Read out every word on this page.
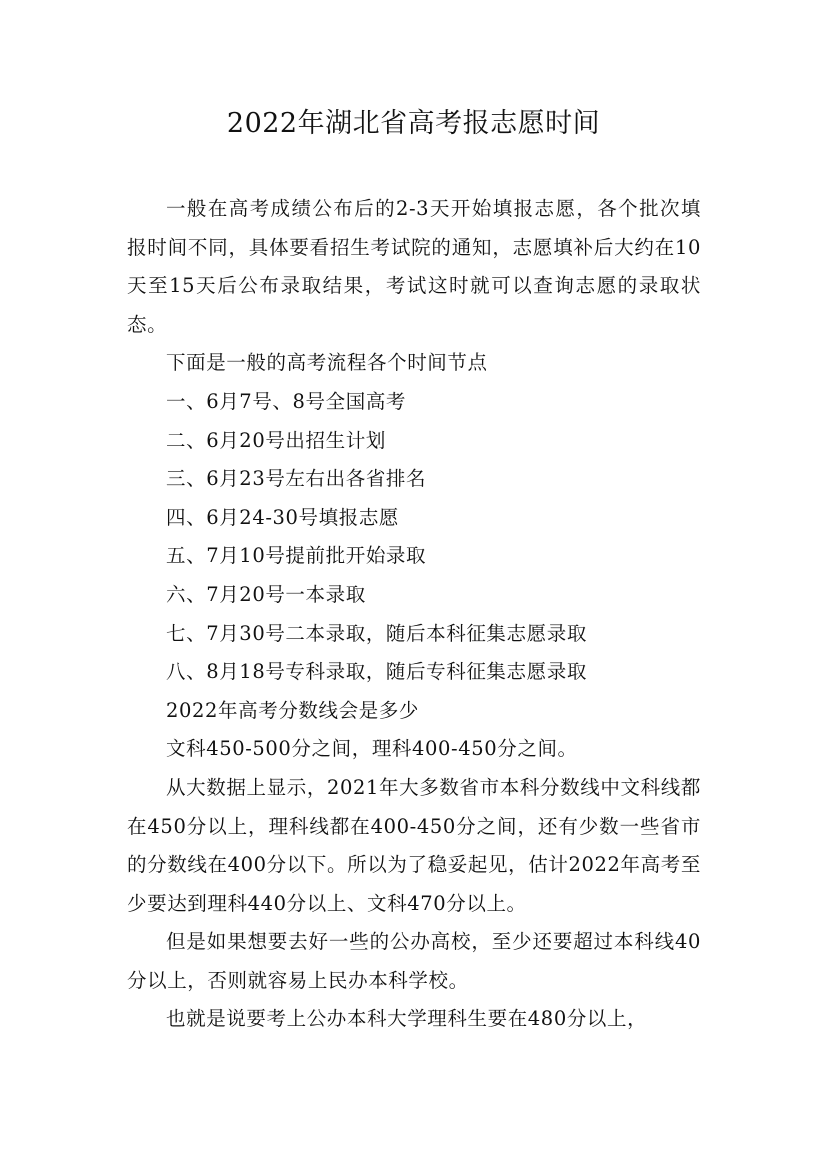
2022年湖北省高考报志愿时间

一般在高考成绩公布后的2-3天开始填报志愿，各个批次填报时间不同，具体要看招生考试院的通知，志愿填补后大约在10天至15天后公布录取结果，考试这时就可以查询志愿的录取状态。

下面是一般的高考流程各个时间节点

一、6月7号、8号全国高考

二、6月20号出招生计划

三、6月23号左右出各省排名

四、6月24-30号填报志愿

五、7月10号提前批开始录取

六、7月20号一本录取

七、7月30号二本录取，随后本科征集志愿录取

八、8月18号专科录取，随后专科征集志愿录取

2022年高考分数线会是多少

文科450-500分之间，理科400-450分之间。

从大数据上显示，2021年大多数省市本科分数线中文科线都在450分以上，理科线都在400-450分之间，还有少数一些省市的分数线在400分以下。所以为了稳妥起见，估计2022年高考至少要达到理科440分以上、文科470分以上。

但是如果想要去好一些的公办高校，至少还要超过本科线40分以上，否则就容易上民办本科学校。

也就是说要考上公办本科大学理科生要在480分以上，
